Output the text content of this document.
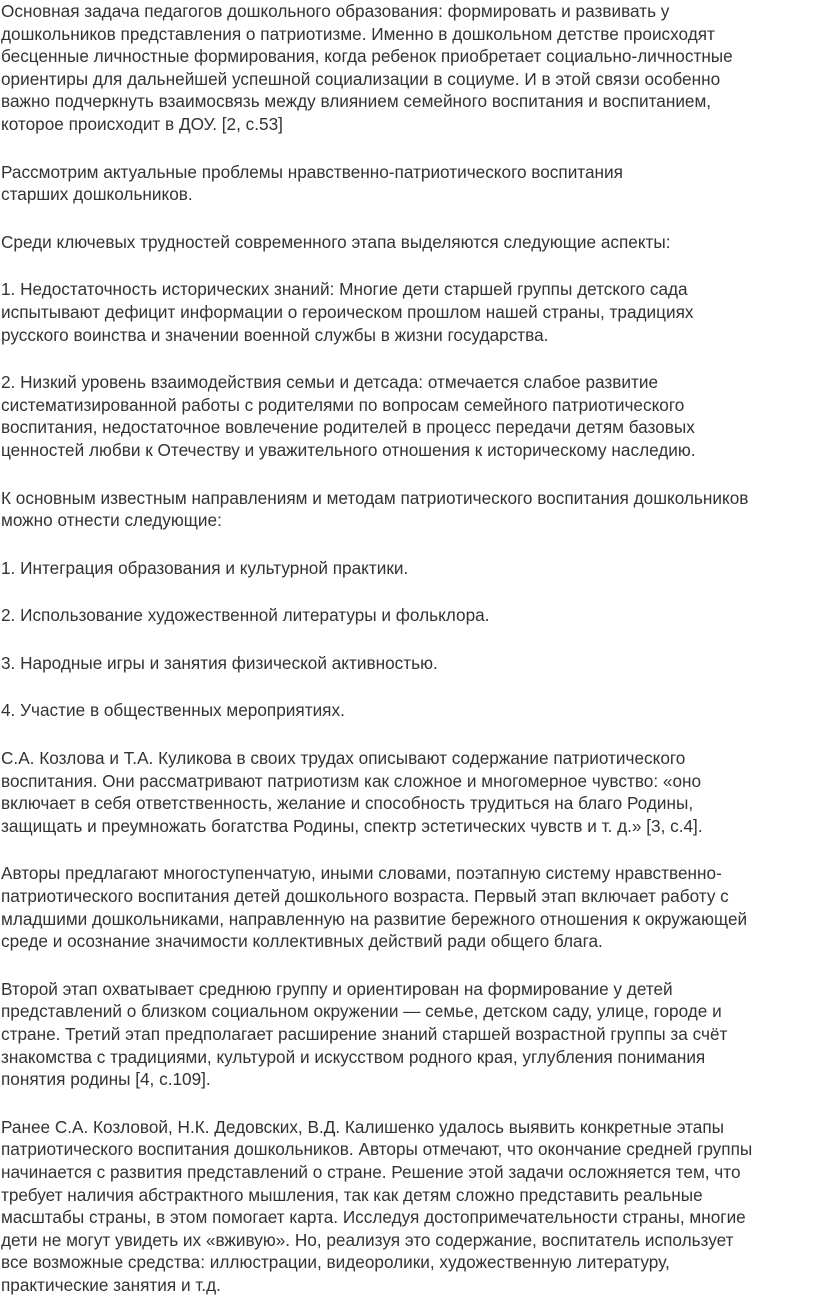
Основная задача педагогов дошкольного образования: формировать и развивать у
дошкольников представления о патриотизме. Именно в дошкольном детстве происходят
бесценные личностные формирования, когда ребенок приобретает социально-личностные
ориентиры для дальнейшей успешной социализации в социуме. И в этой связи особенно
важно подчеркнуть взаимосвязь между влиянием семейного воспитания и воспитанием,
которое происходит в ДОУ. [2, с.53]

Рассмотрим актуальные проблемы нравственно-патриотического воспитания
старших дошкольников.

Среди ключевых трудностей современного этапа выделяются следующие аспекты:

1. Недостаточность исторических знаний: Многие дети старшей группы детского сада
испытывают дефицит информации о героическом прошлом нашей страны, традициях
русского воинства и значении военной службы в жизни государства.

2. Низкий уровень взаимодействия семьи и детсада: отмечается слабое развитие
систематизированной работы с родителями по вопросам семейного патриотического
воспитания, недостаточное вовлечение родителей в процесс передачи детям базовых
ценностей любви к Отечеству и уважительного отношения к историческому наследию.

К основным известным направлениям и методам патриотического воспитания дошкольников
можно отнести следующие:

1. Интеграция образования и культурной практики.

2. Использование художественной литературы и фольклора.

3. Народные игры и занятия физической активностью.

4. Участие в общественных мероприятиях.

С.А. Козлова и Т.А. Куликова в своих трудах описывают содержание патриотического
воспитания. Они рассматривают патриотизм как сложное и многомерное чувство: «оно
включает в себя ответственность, желание и способность трудиться на благо Родины,
защищать и преумножать богатства Родины, спектр эстетических чувств и т. д.» [3, с.4].

Авторы предлагают многоступенчатую, иными словами, поэтапную систему нравственно-
патриотического воспитания детей дошкольного возраста. Первый этап включает работу с
младшими дошкольниками, направленную на развитие бережного отношения к окружающей
среде и осознание значимости коллективных действий ради общего блага.

Второй этап охватывает среднюю группу и ориентирован на формирование у детей
представлений о близком социальном окружении — семье, детском саду, улице, городе и
стране. Третий этап предполагает расширение знаний старшей возрастной группы за счёт
знакомства с традициями, культурой и искусством родного края, углубления понимания
понятия родины [4, с.109].

Ранее С.А. Козловой, Н.К. Дедовских, В.Д. Калишенко удалось выявить конкретные этапы
патриотического воспитания дошкольников. Авторы отмечают, что окончание средней группы
начинается с развития представлений о стране. Решение этой задачи осложняется тем, что
требует наличия абстрактного мышления, так как детям сложно представить реальные
масштабы страны, в этом помогает карта. Исследуя достопримечательности страны, многие
дети не могут увидеть их «вживую». Но, реализуя это содержание, воспитатель использует
все возможные средства: иллюстрации, видеоролики, художественную литературу,
практические занятия и т.д.
